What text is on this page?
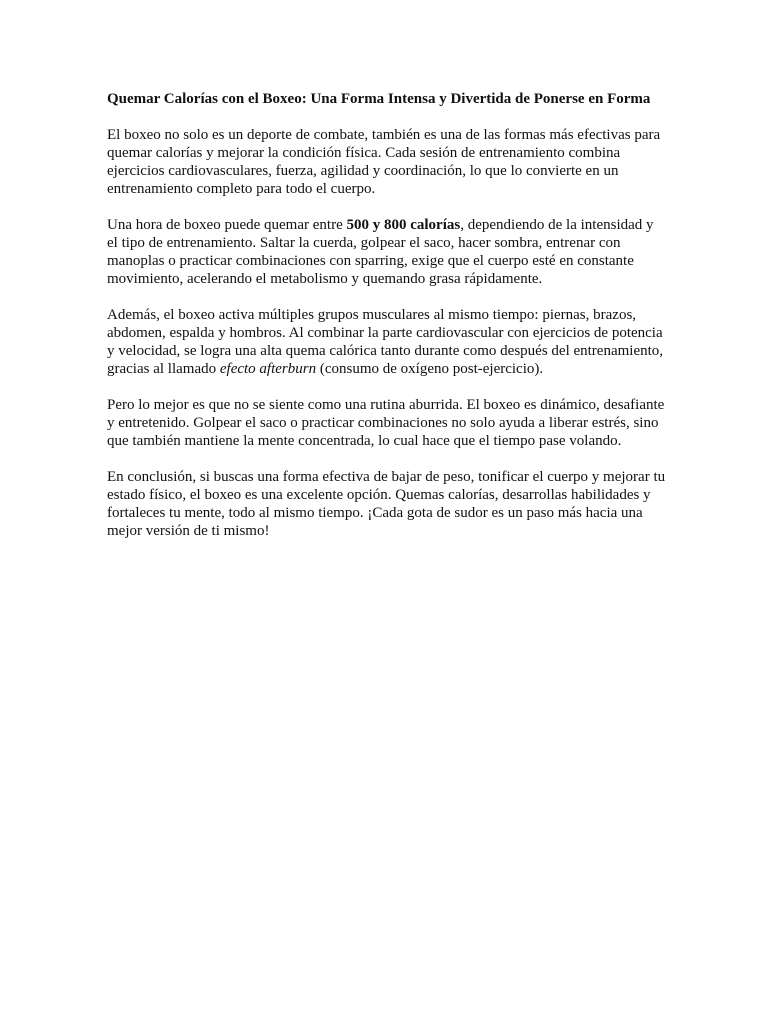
Quemar Calorías con el Boxeo: Una Forma Intensa y Divertida de Ponerse en Forma

El boxeo no solo es un deporte de combate, también es una de las formas más efectivas para quemar calorías y mejorar la condición física. Cada sesión de entrenamiento combina ejercicios cardiovasculares, fuerza, agilidad y coordinación, lo que lo convierte en un entrenamiento completo para todo el cuerpo.

Una hora de boxeo puede quemar entre 500 y 800 calorías, dependiendo de la intensidad y el tipo de entrenamiento. Saltar la cuerda, golpear el saco, hacer sombra, entrenar con manoplas o practicar combinaciones con sparring, exige que el cuerpo esté en constante movimiento, acelerando el metabolismo y quemando grasa rápidamente.

Además, el boxeo activa múltiples grupos musculares al mismo tiempo: piernas, brazos, abdomen, espalda y hombros. Al combinar la parte cardiovascular con ejercicios de potencia y velocidad, se logra una alta quema calórica tanto durante como después del entrenamiento, gracias al llamado efecto afterburn (consumo de oxígeno post-ejercicio).

Pero lo mejor es que no se siente como una rutina aburrida. El boxeo es dinámico, desafiante y entretenido. Golpear el saco o practicar combinaciones no solo ayuda a liberar estrés, sino que también mantiene la mente concentrada, lo cual hace que el tiempo pase volando.

En conclusión, si buscas una forma efectiva de bajar de peso, tonificar el cuerpo y mejorar tu estado físico, el boxeo es una excelente opción. Quemas calorías, desarrollas habilidades y fortaleces tu mente, todo al mismo tiempo. ¡Cada gota de sudor es un paso más hacia una mejor versión de ti mismo!
